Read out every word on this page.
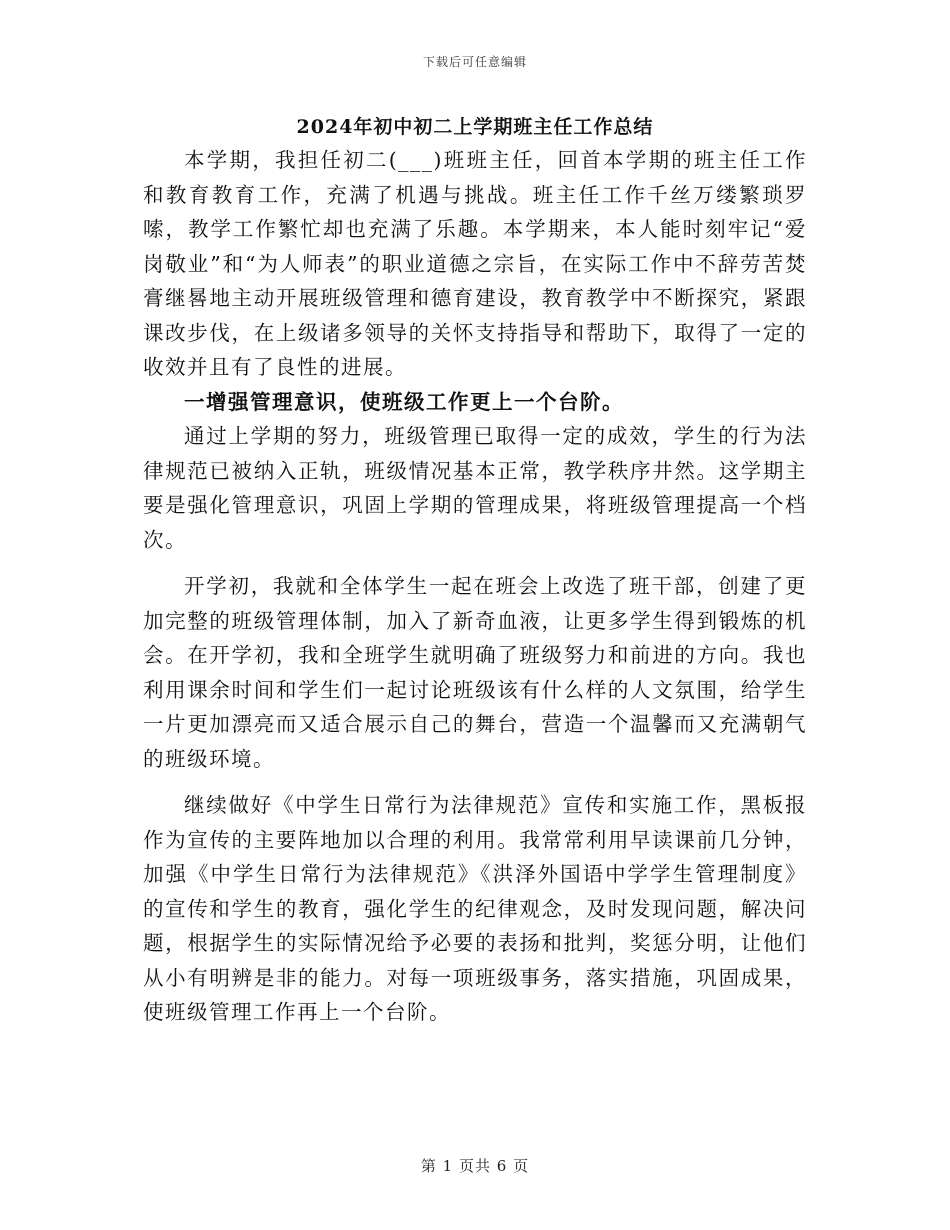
下载后可任意编辑
2024年初中初二上学期班主任工作总结

本学期，我担任初二(___)班班主任，回首本学期的班主任工作和教育教育工作，充满了机遇与挑战。班主任工作千丝万缕繁琐罗嗦，教学工作繁忙却也充满了乐趣。本学期来，本人能时刻牢记“爱岗敬业”和“为人师表”的职业道德之宗旨，在实际工作中不辞劳苦焚膏继晷地主动开展班级管理和德育建设，教育教学中不断探究，紧跟课改步伐，在上级诸多领导的关怀支持指导和帮助下，取得了一定的收效并且有了良性的进展。

一增强管理意识，使班级工作更上一个台阶。

通过上学期的努力，班级管理已取得一定的成效，学生的行为法律规范已被纳入正轨，班级情况基本正常，教学秩序井然。这学期主要是强化管理意识，巩固上学期的管理成果，将班级管理提高一个档次。

开学初，我就和全体学生一起在班会上改选了班干部，创建了更加完整的班级管理体制，加入了新奇血液，让更多学生得到锻炼的机会。在开学初，我和全班学生就明确了班级努力和前进的方向。我也利用课余时间和学生们一起讨论班级该有什么样的人文氛围，给学生一片更加漂亮而又适合展示自己的舞台，营造一个温馨而又充满朝气的班级环境。

继续做好《中学生日常行为法律规范》宣传和实施工作，黑板报作为宣传的主要阵地加以合理的利用。我常常利用早读课前几分钟，加强《中学生日常行为法律规范》《洪泽外国语中学学生管理制度》的宣传和学生的教育，强化学生的纪律观念，及时发现问题，解决问题，根据学生的实际情况给予必要的表扬和批判，奖惩分明，让他们从小有明辨是非的能力。对每一项班级事务，落实措施，巩固成果，使班级管理工作再上一个台阶。

第 1 页共 6 页
